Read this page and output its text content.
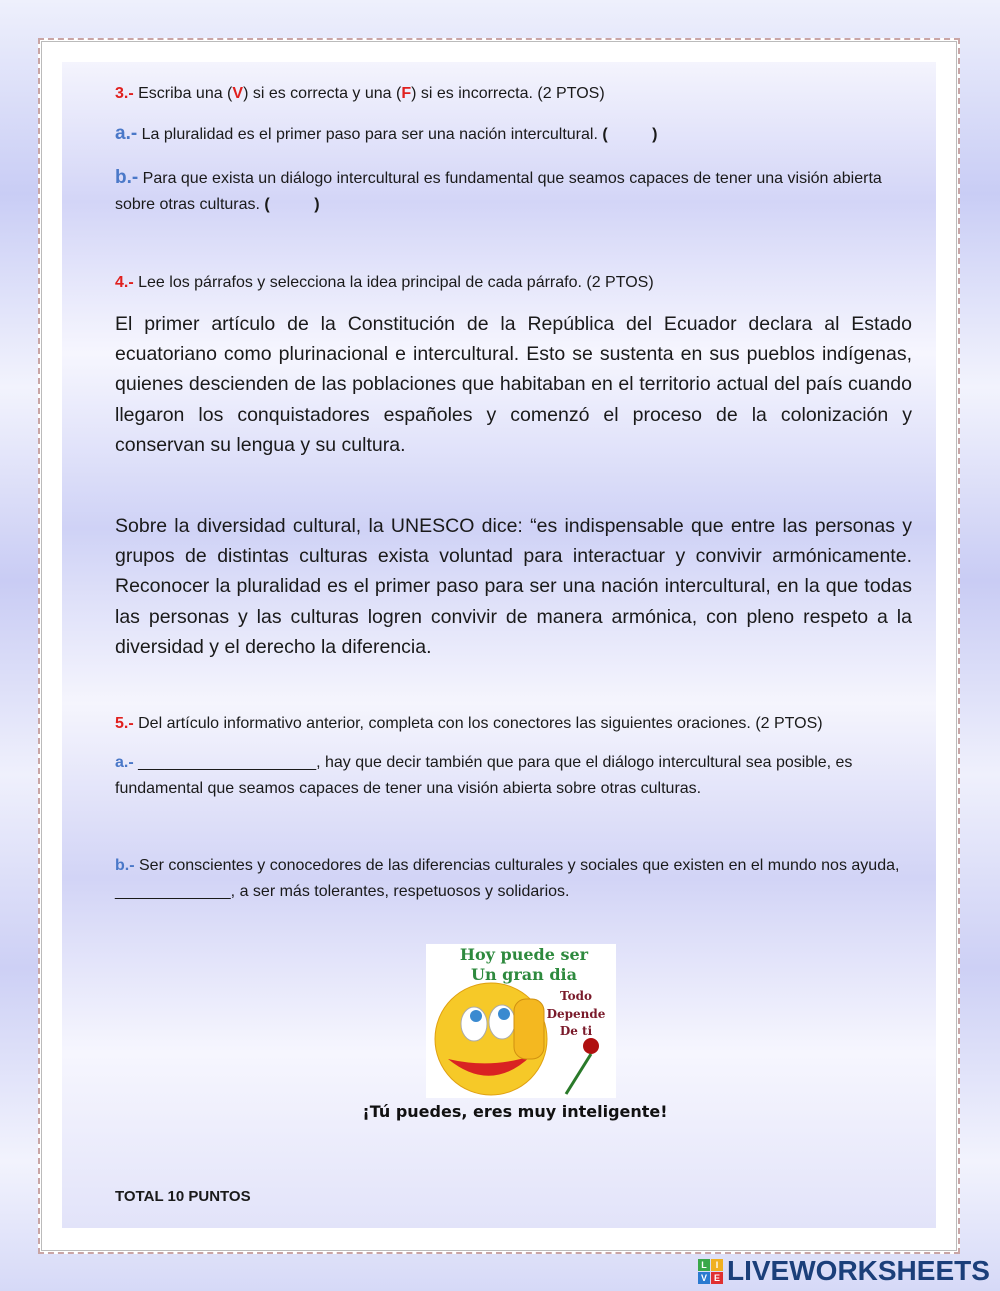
3.- Escriba una (V) si es correcta y una (F) si es incorrecta. (2 PTOS)
a.- La pluralidad es el primer paso para ser una nación intercultural. (          )
b.- Para que exista un diálogo intercultural es fundamental que seamos capaces de tener una visión abierta sobre otras culturas. (          )
4.- Lee los párrafos y selecciona la idea principal de cada párrafo. (2 PTOS)
El primer artículo de la Constitución de la República del Ecuador declara al Estado ecuatoriano como plurinacional e intercultural. Esto se sustenta en sus pueblos indígenas, quienes descienden de las poblaciones que habitaban en el territorio actual del país cuando llegaron los conquistadores españoles y comenzó el proceso de la colonización y conservan su lengua y su cultura.
Sobre la diversidad cultural, la UNESCO dice: “es indispensable que entre las personas y grupos de distintas culturas exista voluntad para interactuar y convivir armónicamente. Reconocer la pluralidad es el primer paso para ser una nación intercultural, en la que todas las personas y las culturas logren convivir de manera armónica, con pleno respeto a la diversidad y el derecho la diferencia.
5.- Del artículo informativo anterior, completa con los conectores las siguientes oraciones. (2 PTOS)
a.- ____________________, hay que decir también que para que el diálogo intercultural sea posible, es fundamental que seamos capaces de tener una visión abierta sobre otras culturas.
b.- Ser conscientes y conocedores de las diferencias culturales y sociales que existen en el mundo nos ayuda, _____________, a ser más tolerantes, respetuosos y solidarios.
Hoy puede ser
Un gran dia
Todo
Depende
De ti
¡Tú puedes, eres muy inteligente!
TOTAL 10 PUNTOS
L I
V E LIVEWORKSHEETS
